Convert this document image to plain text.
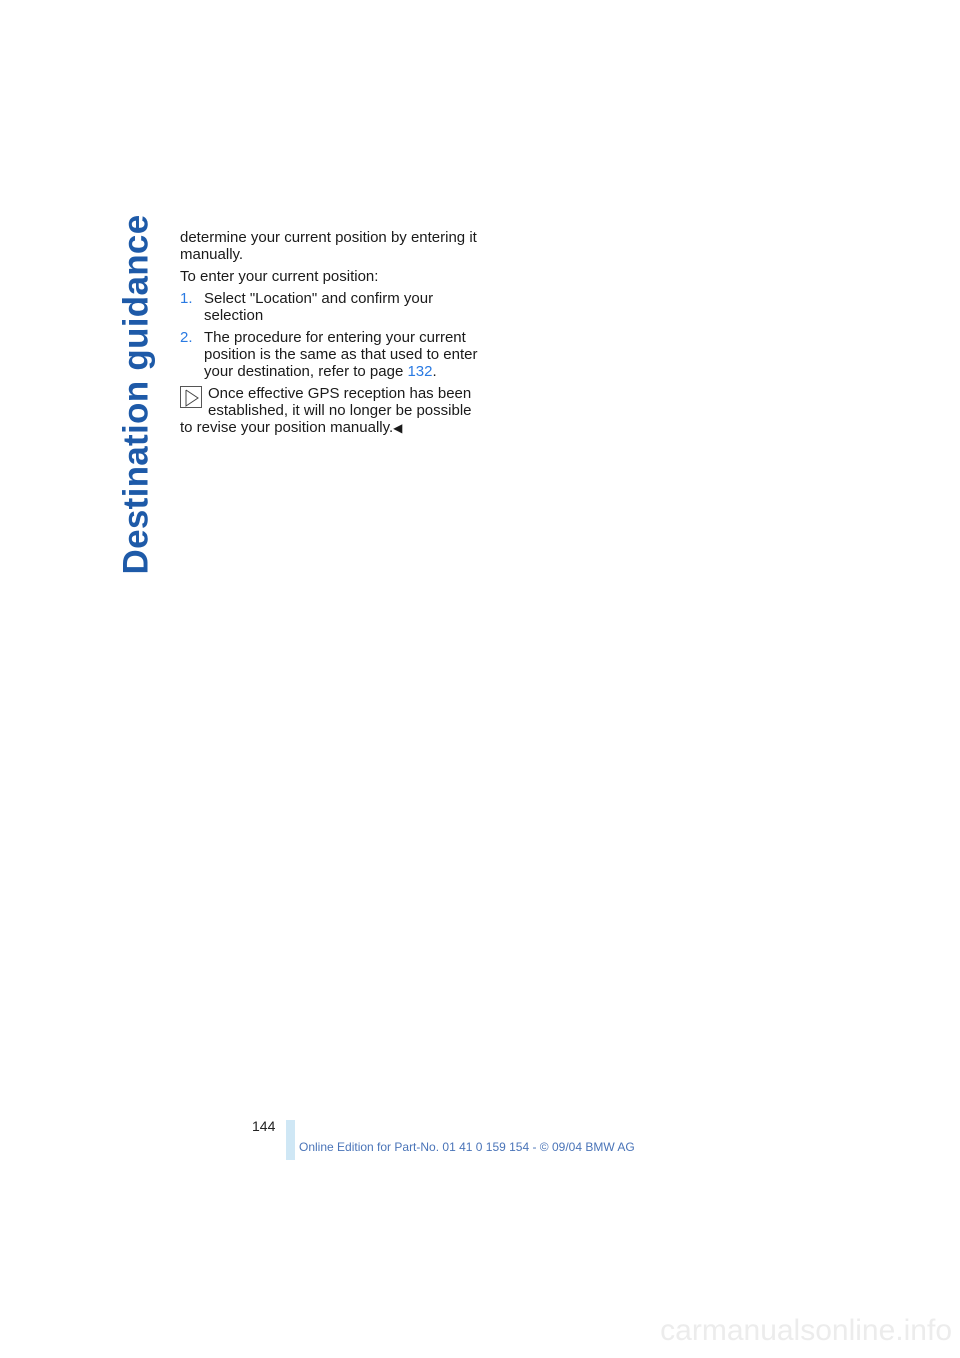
Destination guidance determine your current position by entering it manually.

To enter your current position:

1. Select "Location" and confirm your selection
2. The procedure for entering your current position is the same as that used to enter your destination, refer to page 132.
Once effective GPS reception has been established, it will no longer be possible to revise your position manually.◀
144
Online Edition for Part-No. 01 41 0 159 154 - © 09/04 BMW AG
carmanualsonline.info
